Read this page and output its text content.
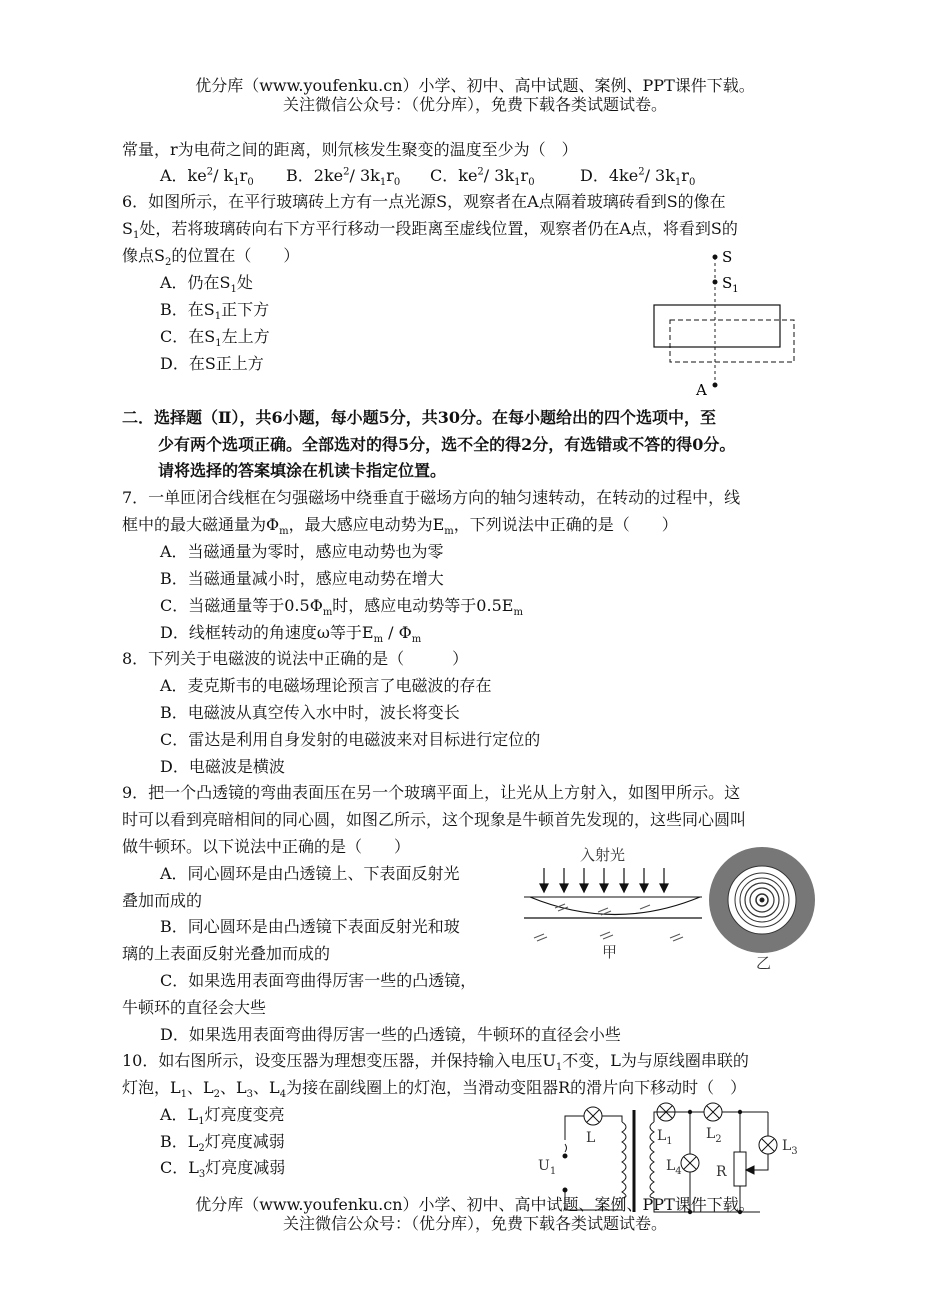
优分库（www.youfenku.cn）小学、初中、高中试题、案例、PPT课件下载。
关注微信公众号：（优分库），免费下载各类试题试卷。
常量，r为电荷之间的距离，则氘核发生聚变的温度至少为（　）
A．$ke^2/$ $k_1r_0$ B．$2ke^2/$ $3k_1r_0$ C．$ke^2/$ $3k_1r_0$	D．$4ke^2/$ $3k_1r_0$
6．如图所示，在平行玻璃砖上方有一点光源S，观察者在A点隔着玻璃砖看到S的像在
$S_1$处，若将玻璃砖向右下方平行移动一段距离至虚线位置，观察者仍在A点，将看到S的
像点$S_2$的位置在（　　）
A．仍在$S_1$处
B．在$S_1$正下方
C．在$S_1$左上方
D．在S正上方
S
$S_1$
A
二．选择题（Ⅱ），共6小题，每小题5分，共30分。在每小题给出的四个选项中，至
少有两个选项正确。全部选对的得5分，选不全的得2分，有选错或不答的得0分。
请将选择的答案填涂在机读卡指定位置。
7．一单匝闭合线框在匀强磁场中绕垂直于磁场方向的轴匀速转动，在转动的过程中，线
框中的最大磁通量为$\Phi_m$，最大感应电动势为$E_m$，下列说法中正确的是（　　）
A．当磁通量为零时，感应电动势也为零
B．当磁通量减小时，感应电动势在增大
C．当磁通量等于$0.5\Phi_m$时，感应电动势等于$0.5E_m$
D．线框转动的角速度ω等于$E_m / \Phi_m$
8．下列关于电磁波的说法中正确的是（　　　）
A．麦克斯韦的电磁场理论预言了电磁波的存在
B．电磁波从真空传入水中时，波长将变长
C．雷达是利用自身发射的电磁波来对目标进行定位的
D．电磁波是横波
9．把一个凸透镜的弯曲表面压在另一个玻璃平面上，让光从上方射入，如图甲所示。这
时可以看到亮暗相间的同心圆，如图乙所示，这个现象是牛顿首先发现的，这些同心圆叫
做牛顿环。以下说法中正确的是（　　）
A．同心圆环是由凸透镜上、下表面反射光
叠加而成的
B．同心圆环是由凸透镜下表面反射光和玻
璃的上表面反射光叠加而成的
C．如果选用表面弯曲得厉害一些的凸透镜，
牛顿环的直径会大些
D．如果选用表面弯曲得厉害一些的凸透镜，牛顿环的直径会小些
入射光
甲
乙
10．如右图所示，设变压器为理想变压器，并保持输入电压$U_1$不变，L为与原线圈串联的
灯泡，$L_1$、$L_2$、$L_3$、$L_4$为接在副线圈上的灯泡，当滑动变阻器R的滑片向下移动时（　）
A．$L_1$灯亮度变亮
B．$L_2$灯亮度减弱
C．$L_3$灯亮度减弱
L
$U_1$
$L_1$ $L_2$	$L_3$
$L_4$ R
优分库（www.youfenku.cn）小学、初中、高中试题、案例、PPT课件下载。
关注微信公众号：（优分库），免费下载各类试题试卷。
